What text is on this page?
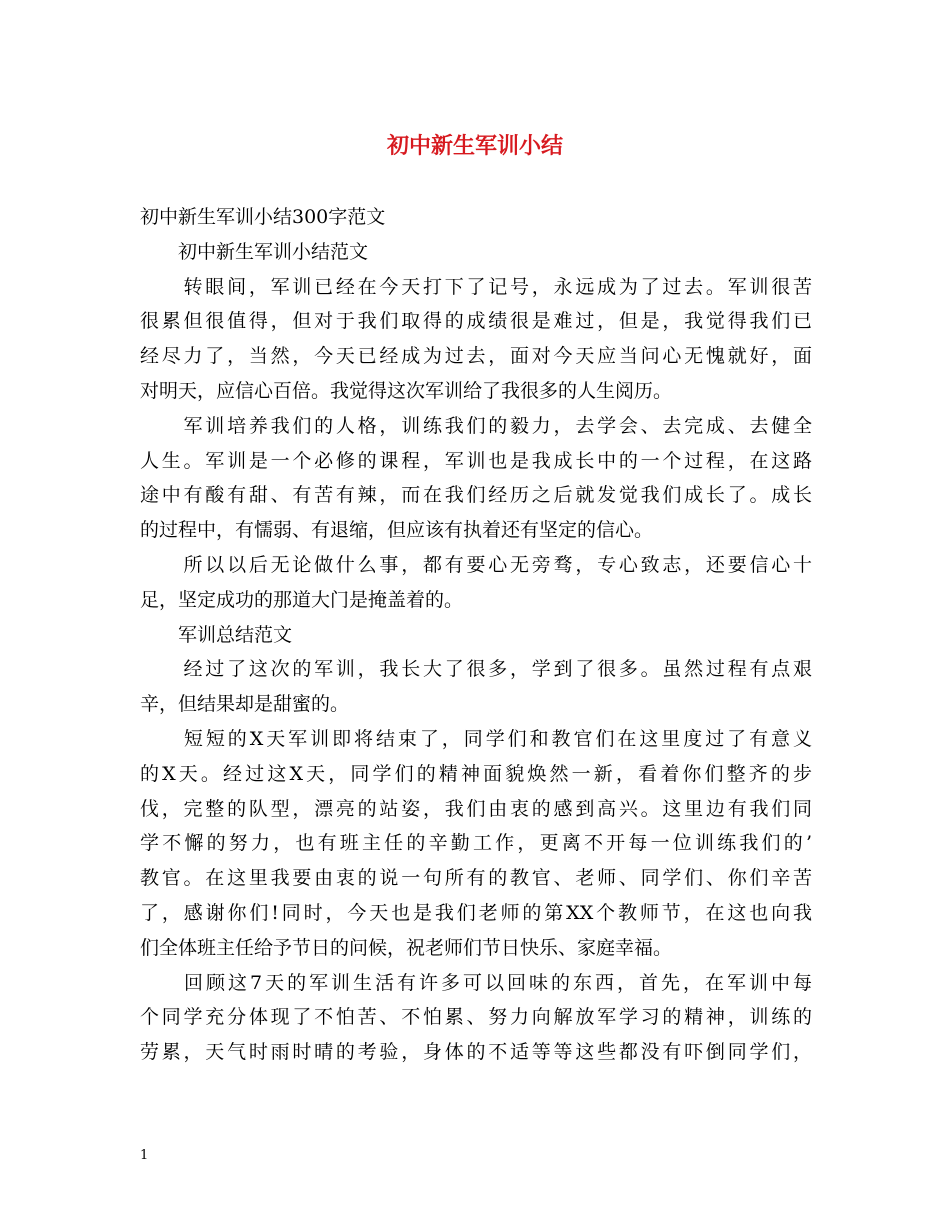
初中新生军训小结
初中新生军训小结300字范文
　　初中新生军训小结范文
　　转眼间，军训已经在今天打下了记号，永远成为了过去。军训很苦
很累但很值得，但对于我们取得的成绩很是难过，但是，我觉得我们已
经尽力了，当然，今天已经成为过去，面对今天应当问心无愧就好，面
对明天，应信心百倍。我觉得这次军训给了我很多的人生阅历。
　　军训培养我们的人格，训练我们的毅力，去学会、去完成、去健全
人生。军训是一个必修的课程，军训也是我成长中的一个过程，在这路
途中有酸有甜、有苦有辣，而在我们经历之后就发觉我们成长了。成长
的过程中，有懦弱、有退缩，但应该有执着还有坚定的信心。
　　所以以后无论做什么事，都有要心无旁骛，专心致志，还要信心十
足，坚定成功的那道大门是掩盖着的。
　　军训总结范文
　　经过了这次的军训，我长大了很多，学到了很多。虽然过程有点艰
辛，但结果却是甜蜜的。
　　短短的X天军训即将结束了，同学们和教官们在这里度过了有意义
的X天。经过这X天，同学们的精神面貌焕然一新，看着你们整齐的步
伐，完整的队型，漂亮的站姿，我们由衷的感到高兴。这里边有我们同
学不懈的努力，也有班主任的辛勤工作，更离不开每一位训练我们的’
教官。在这里我要由衷的说一句所有的教官、老师、同学们、你们辛苦
了，感谢你们!同时，今天也是我们老师的第XX个教师节，在这也向我
们全体班主任给予节日的问候，祝老师们节日快乐、家庭幸福。
　　回顾这7天的军训生活有许多可以回味的东西，首先，在军训中每
个同学充分体现了不怕苦、不怕累、努力向解放军学习的精神，训练的
劳累，天气时雨时晴的考验，身体的不适等等这些都没有吓倒同学们，
1
